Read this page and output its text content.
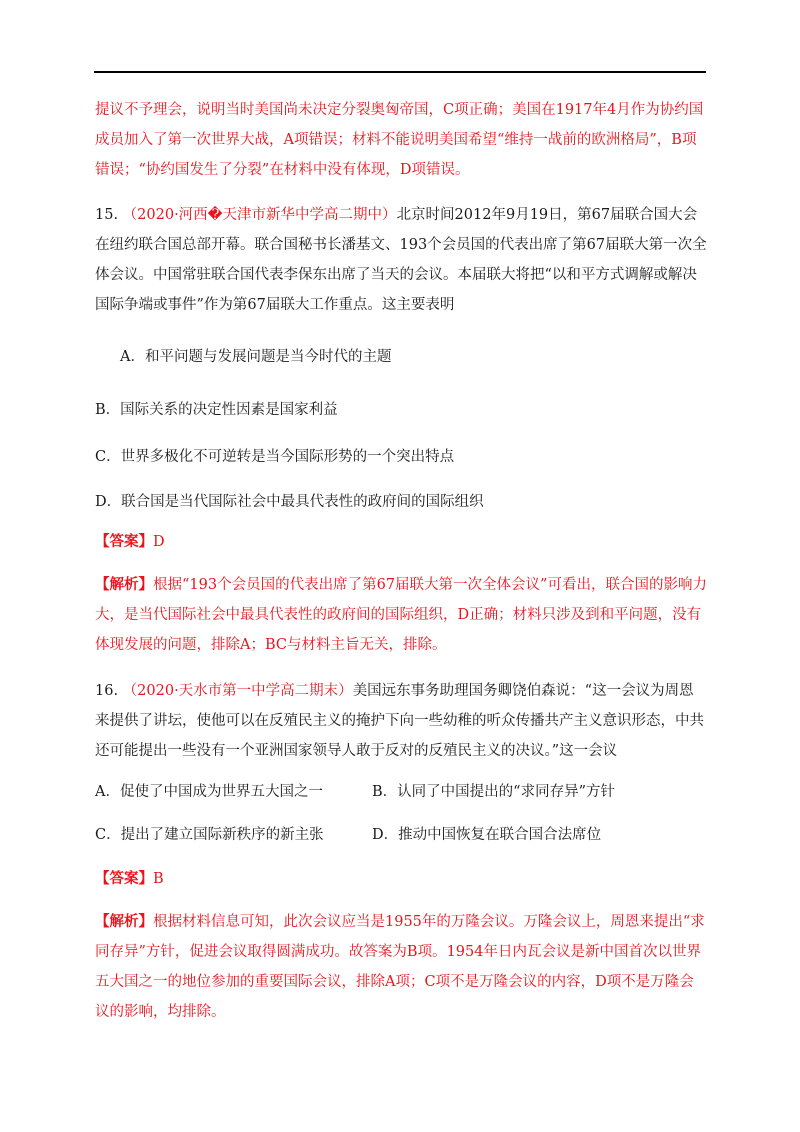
提议不予理会，说明当时美国尚未决定分裂奥匈帝国，C项正确；美国在1917年4月作为协约国成员加入了第一次世界大战，A项错误；材料不能说明美国希望“维持一战前的欧洲格局”，B项错误；“协约国发生了分裂”在材料中没有体现，D项错误。

15. （2020·河西�天津市新华中学高二期中）北京时间2012年9月19日，第67届联合国大会在纽约联合国总部开幕。联合国秘书长潘基文、193个会员国的代表出席了第67届联大第一次全体会议。中国常驻联合国代表李保东出席了当天的会议。本届联大将把“以和平方式调解或解决国际争端或事件”作为第67届联大工作重点。这主要表明

A．和平问题与发展问题是当今时代的主题
B．国际关系的决定性因素是国家利益
C．世界多极化不可逆转是当今国际形势的一个突出特点
D．联合国是当代国际社会中最具代表性的政府间的国际组织
【答案】D

【解析】根据“193个会员国的代表出席了第67届联大第一次全体会议”可看出，联合国的影响力大，是当代国际社会中最具代表性的政府间的国际组织，D正确；材料只涉及到和平问题，没有体现发展的问题，排除A；BC与材料主旨无关，排除。

16. （2020·天水市第一中学高二期末）美国远东事务助理国务卿饶伯森说：“这一会议为周恩来提供了讲坛，使他可以在反殖民主义的掩护下向一些幼稚的听众传播共产主义意识形态，中共还可能提出一些没有一个亚洲国家领导人敢于反对的反殖民主义的决议。”这一会议

A．促使了中国成为世界五大国之一	B．认同了中国提出的“求同存异”方针
C．提出了建立国际新秩序的新主张	D．推动中国恢复在联合国合法席位
【答案】B

【解析】根据材料信息可知，此次会议应当是1955年的万隆会议。万隆会议上，周恩来提出“求同存异”方针，促进会议取得圆满成功。故答案为B项。1954年日内瓦会议是新中国首次以世界五大国之一的地位参加的重要国际会议，排除A项；C项不是万隆会议的内容，D项不是万隆会议的影响，均排除。
